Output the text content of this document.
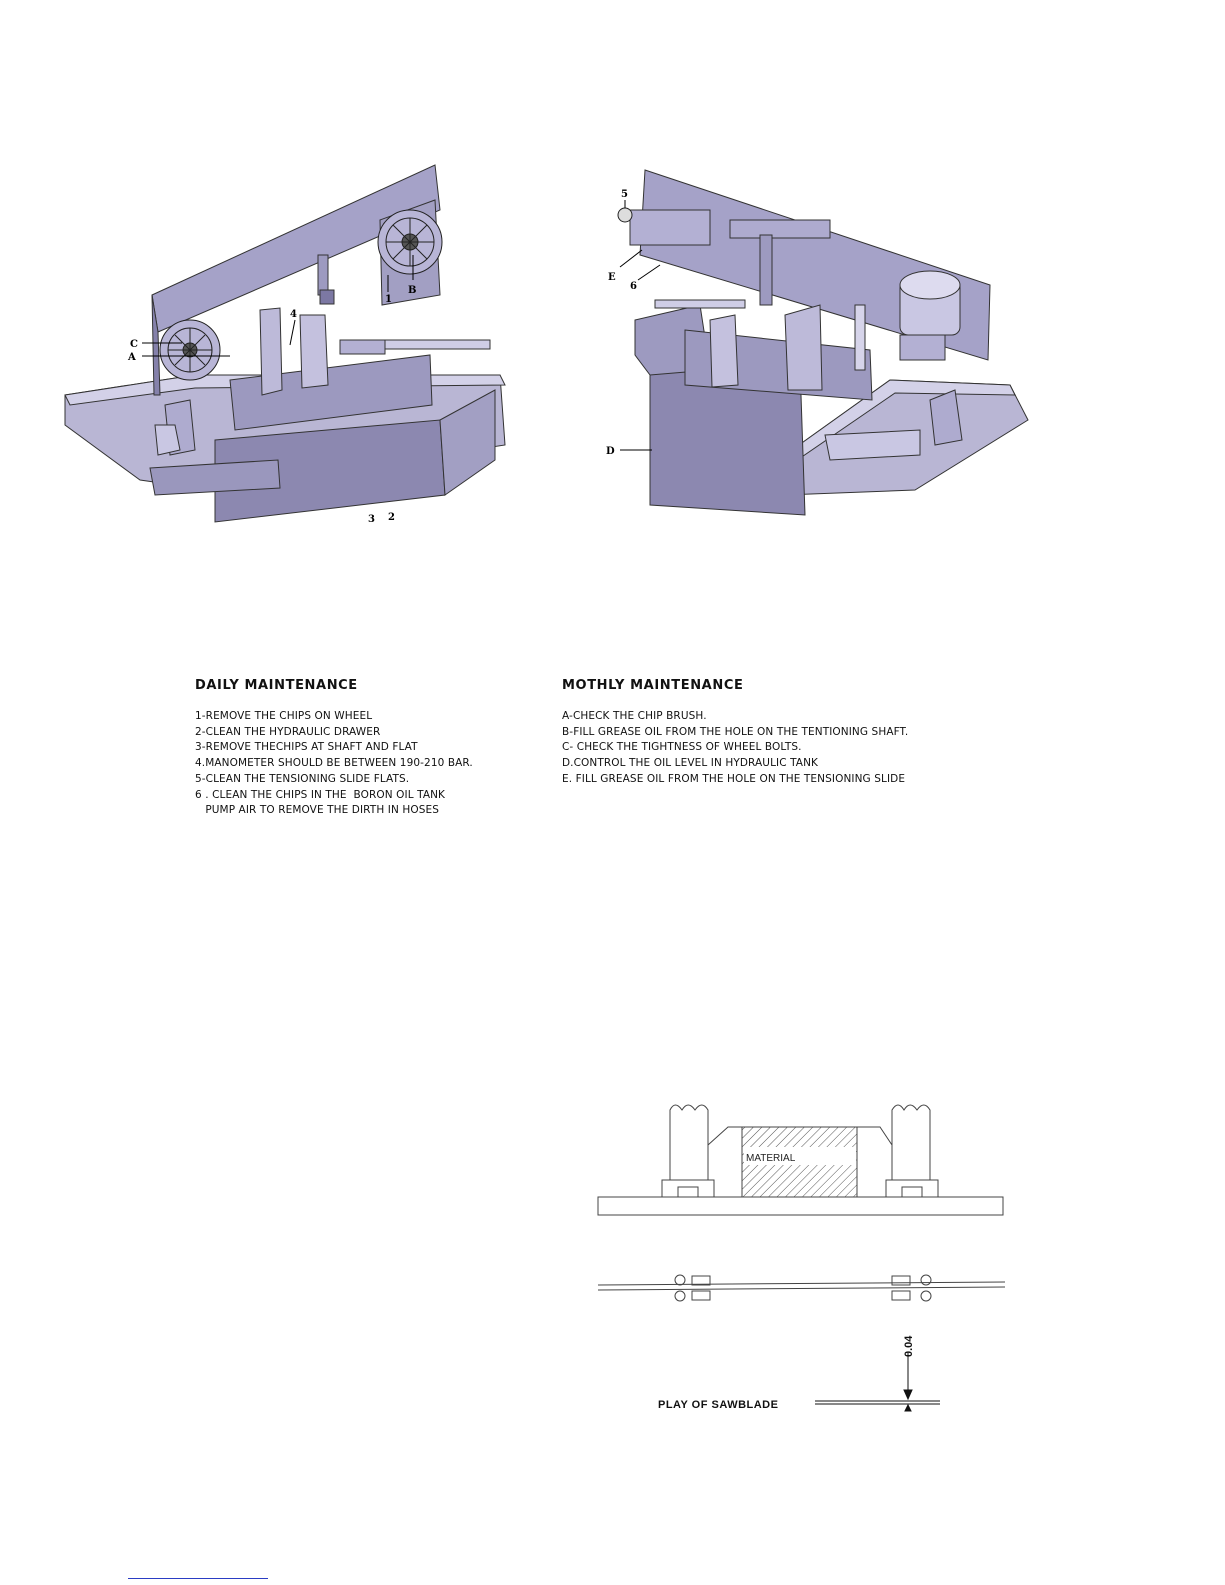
1
B
C
A
4
3 2
5
E
6
D
DAILY MAINTENANCE
1-REMOVE THE CHIPS ON WHEEL
2-CLEAN THE HYDRAULIC DRAWER
3-REMOVE THECHIPS AT SHAFT AND FLAT
4.MANOMETER SHOULD BE BETWEEN 190-210 BAR.
5-CLEAN THE TENSIONING SLIDE FLATS.
6 . CLEAN THE CHIPS IN THE  BORON OIL TANK
PUMP AIR TO REMOVE THE DIRTH IN HOSES
MOTHLY MAINTENANCE
A-CHECK THE CHIP BRUSH.
B-FILL GREASE OIL FROM THE HOLE ON THE TENTIONING SHAFT.
C- CHECK THE TIGHTNESS OF WHEEL BOLTS.
D.CONTROL THE OIL LEVEL IN HYDRAULIC TANK
E. FILL GREASE OIL FROM THE HOLE ON THE TENSIONING SLIDE
MATERIAL
0.04
PLAY OF SAWBLADE
